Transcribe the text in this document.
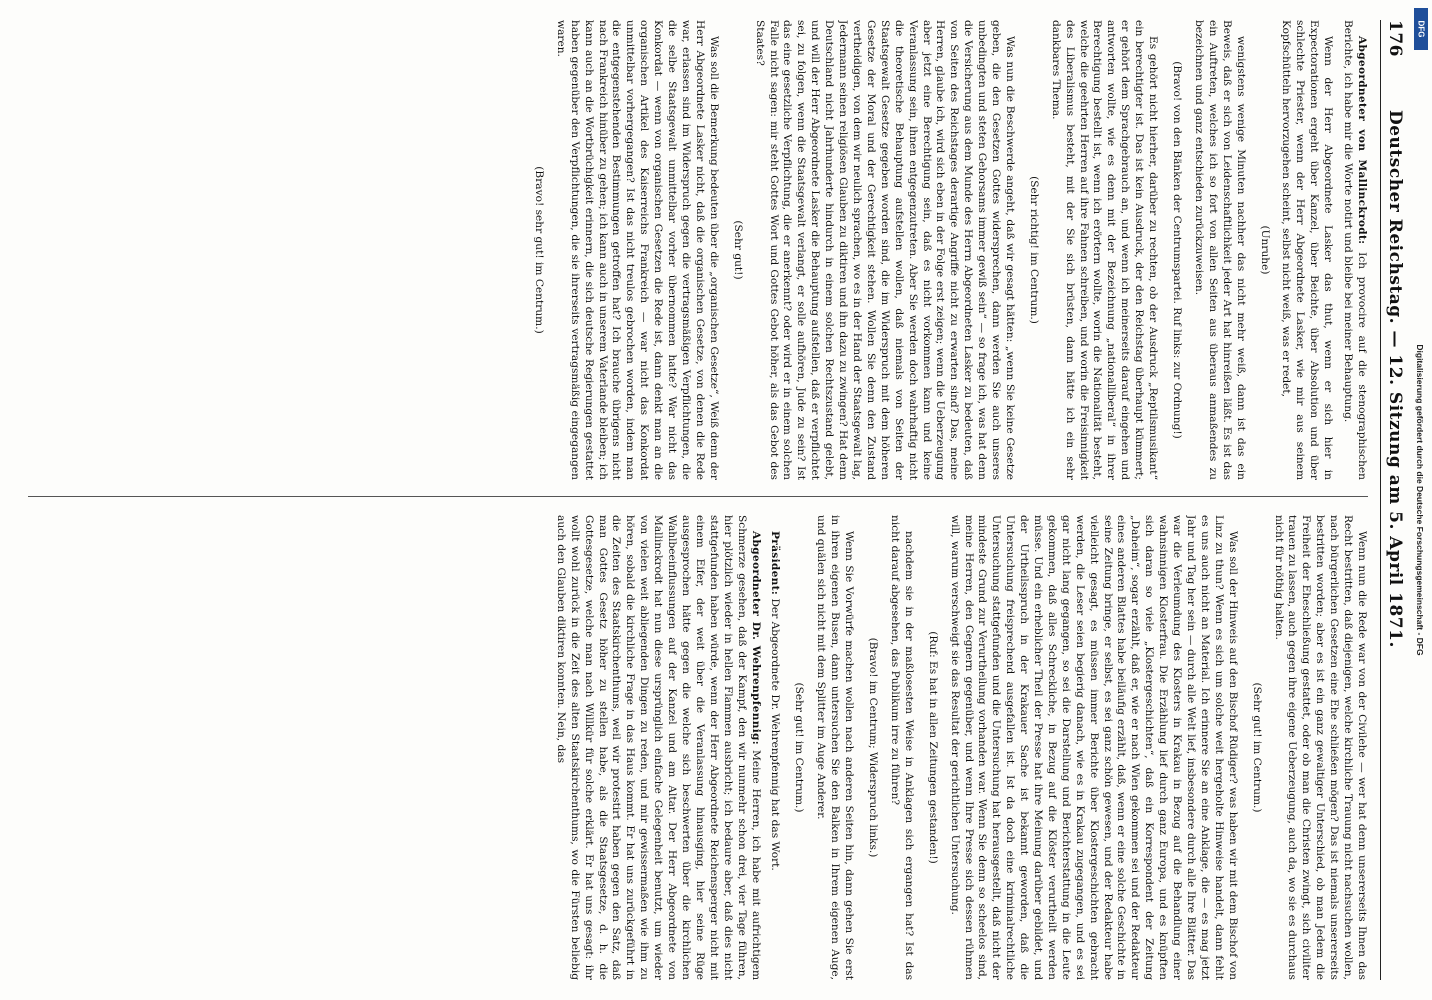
176
Deutscher Reichstag. — 12. Sitzung am 5. April 1871.

Abgeordneter von Mallinckrodt: Ich provocire auf die stenographischen Berichte, ich habe mir die Worte notirt und bleibe bei meiner Behauptung.

Wenn der Herr Abgeordnete Lasker das thut, wenn er sich hier in Expectorationen ergeht über Kanzel, über Beichte, über Absolution und über schlechte Priester, wenn der Herr Abgeordnete Lasker, wie mir aus seinem Kopfschütteln hervorzugehen scheint, selbst nicht weiß, was er redet,

(Unruhe)

wenigstens wenige Minuten nachher das nicht mehr weiß, dann ist das ein Beweis, daß er sich von Leidenschaftlichkeit jeder Art hat hinreißen läßt. Es ist das ein Auftreten, welches ich so fort von allen Seiten aus überaus anmaßendes zu bezeichnen und ganz entschieden zurückzuweisen.

(Bravo! von den Bänken der Centrumspartei. Ruf links: zur Ordnung!)

Es gehört nicht hierher, darüber zu rechten, ob der Ausdruck „Reptilsmusikant“ ein berechtigter ist. Das ist kein Ausdruck, der den Reichstag überhaupt kümmert; er gehört dem Sprachgebrauch an, und wenn ich meinerseits darauf eingehen und antworten wollte, wie es denn mit der Bezeichnung „nationalliberal“ in ihrer Berechtigung bestellt ist, wenn ich erörtern wollte, worin die Nationalität besteht, welche die geehrten Herren auf ihre Fahnen schreiben, und worin die Freisinnigkeit des Liberalismus besteht, mit der Sie sich brüsten, dann hätte ich ein sehr dankbares Thema.

(Sehr richtig! im Centrum.)

Was nun die Beschwerde angeht, daß wir gesagt hätten: „wenn Sie keine Gesetze geben, die den Gesetzen Gottes widersprechen, dann werden Sie auch unseres unbedingten und steten Gehorsams immer gewiß sein“ — so frage ich, was hat denn die Versicherung aus dem Munde des Herrn Abgeordneten Lasker zu bedeuten, daß von Seiten des Reichstages derartige Angriffe nicht zu erwarten sind? Das, meine Herren, glaube ich, wird sich eben in der Folge erst zeigen; wenn die Ueberzeugung aber jetzt eine Berechtigung sein, daß es nicht vorkommen kann und keine Veranlassung sein, ihnen entgegenzutreten. Aber Sie werden doch wahrhaftig nicht die theoretische Behauptung aufstellen wollen, daß niemals von Seiten der Staatsgewalt Gesetze gegeben worden sind, die im Widerspruch mit dem höheren Gesetze der Moral und der Gerechtigkeit stehen. Wollen Sie denn den Zustand vertheidigen, von dem wir neulich sprachen, wo es in der Hand der Staatsgewalt lag, Jedermann seinen religiösen Glauben zu diktiren und ihn dazu zu zwingen? Hat denn Deutschland nicht Jahrhunderte hindurch in einem solchen Rechtszustand gelebt, und will der Herr Abgeordnete Lasker die Behauptung aufstellen, daß er verpflichtet sei, zu folgen, wenn die Staatsgewalt verlangt, er solle aufhören, Jude zu sein? Ist das eine gesetzliche Verpflichtung, die er anerkennt? oder wird er in einem solchen Falle nicht sagen: mir steht Gottes Wort und Gottes Gebot höher, als das Gebot des Staates?

(Sehr gut!)

Was soll die Bemerkung bedeuten über die „organischen Gesetze“, Weiß denn der Herr Abgeordnete Lasker nicht, daß die organischen Gesetze, von denen die Rede war, erlassen sind im Widerspruch gegen die vertragsmäßigen Verpflichtungen, die die selbe Staatsgewalt unmittelbar vorher übernommen hatte? War nicht das Konkordat — wenn von organischen Gesetzen die Rede ist, dann denkt man an die organischen Artikel des Kaiserreichs Frankreich — war nicht das Konkordat unmittelbar vorhergegangen? Ist das nicht treulos gebrochen worden, indem man die entgegenstehenden Bestimmungen getroffen hat? Ich brauche übrigens nicht nach Frankreich hinüber zu gehen; ich kann auch in unserem Vaterlande bleiben; ich kann auch an die Wortbrüchigkeit erinnern, die sich deutsche Regierungen gestattet haben gegenüber den Verpflichtungen, die sie ihrerseits vertragsmäßig eingegangen waren.

(Bravo! sehr gut! im Centrum.)

Wenn nun die Rede war von der Civilehe — wer hat denn unsererseits Ihnen das Recht bestritten, daß diejenigen, welche kirchliche Trauung nicht nachsuchen wollen, nach bürgerlichen Gesetzen eine Ehe schließen mögen? Das ist niemals unsererseits bestritten worden; aber es ist ein ganz gewaltiger Unterschied, ob man Jedem die Freiheit der Eheschließung gestattet, oder ob man die Christen zwingt, sich civiliter trauen zu lassen, auch gegen ihre eigene Ueberzeugung, auch da, wo sie es durchaus nicht für nöthig halten.

(Sehr gut! im Centrum.)

Was soll der Hinweis auf den Bischof Rüdiger? was haben wir mit dem Bischof von Linz zu thun? Wenn es sich um solche weit hergeholte Hinweise handelt, dann fehlt es uns auch nicht an Material. Ich erinnere Sie an eine Anklage, die — es mag jetzt Jahr und Tag her sein — durch alle Welt lief, insbesondere durch alle Ihre Blätter. Das war die Verleumdung des Klosters in Krakau in Bezug auf die Behandlung einer wahnsinnigen Klosterfrau. Die Erzählung lief durch ganz Europa, und es knüpften sich daran so viele „Klostergeschichten“, daß ein Korrespondent der Zeitung „Daheim“, sogar erzählt, daß er, wie er nach Wien gekommen sei und der Redakteur eines anderen Blattes habe beiläufig erzählt, daß, wenn er eine solche Geschichte in seine Zeitung bringe, er selbst, es sei ganz schön gewesen, und der Redakteur habe vielleicht gesagt, es müssen immer Berichte über Klostergeschichten gebracht werden, die Leser seien begierig danach, wie es in Krakau zugegangen, und es sei gar nicht lang gegangen, so sei die Darstellung und Berichterstattung in die Leute gekommen, daß alles Schreckliche, in Bezug auf die Klöster verurtheilt werden müsse. Und ein erheblicher Theil der Presse hat ihre Meinung darüber gebildet, und der Urtheilsspruch in der Krakauer Sache ist bekannt geworden, daß die Untersuchung freisprechend ausgefallen ist. Ist da doch eine kriminalrechtliche Untersuchung stattgefunden und die Untersuchung hat herausgestellt, daß nicht der mindeste Grund zur Verurtheilung vorhanden war. Wenn Sie denn so scheelos sind, meine Herren, den Gegnern gegenüber, und wenn Ihre Presse sich dessen rühmen will, warum verschweigt sie das Resultat der gerichtlichen Untersuchung.

(Ruf: Es hat in allen Zeitungen gestanden!)

nachdem sie in der maßlosesten Weise in Anklagen sich ergangen hat? Ist das nicht darauf abgesehen, das Publikum irre zu führen?

(Bravo! im Centrum; Widerspruch links.)

Wenn Sie Vorwürfe machen wollen nach anderen Seiten hin, dann gehen Sie erst in ihren eigenen Busen, dann untersuchen Sie den Balken in Ihrem eigenen Auge, und quälen sich nicht mit dem Splitter im Auge Anderer.

(Sehr gut! im Centrum.)

Präsident: Der Abgeordnete Dr. Wehrenpfennig hat das Wort.

Abgeordneter Dr. Wehrenpfennig: Meine Herren, ich habe mit aufrichtigem Schmerze gesehen, daß der Kampf, den wir nunmehr schon drei, vier Tage führen, hier plötzlich wieder in hellen Flammen ausbricht; ich bedaure aber, daß dies nicht stattgefunden haben würde, wenn der Herr Abgeordnete Reichensperger nicht mit einem Eifer, der weit über die Veranlassung hinausging, hier seine Rüge ausgesprochen hätte gegen die welche sich beschwerten über die kirchlichen Wahlbeeinflussungen auf der Kanzel und am Altar. Der Herr Abgeordnete von Mallinckrodt hat nun diese ursprünglich einfache Gelegenheit benutzt, um wieder von vielen weit abliegenden Dingen zu reden, und mir gewissermaßen wie ihm zu hören, sobald die kirchliche Frage in das Haus kommt. Er hat uns zurückgeführt in die Zeiten des Staatskirchenthums, weil wir protestirt haben gegen den Satz, daß man Gottes Gesetz höher zu stellen habe, als die Staatsgesetze, d. h. die Gottesgesetze, welche man nach Willkür für solche erklärt. Er hat uns gesagt: ihr wollt wohl zurück in die Zeit des alten Staatskirchenthums, wo die Fürsten beliebig auch den Glauben diktiren konnten. Nein, das

DFG
Digitalisierung gefördert durch die Deutsche Forschungsgemeinschaft - DFG
